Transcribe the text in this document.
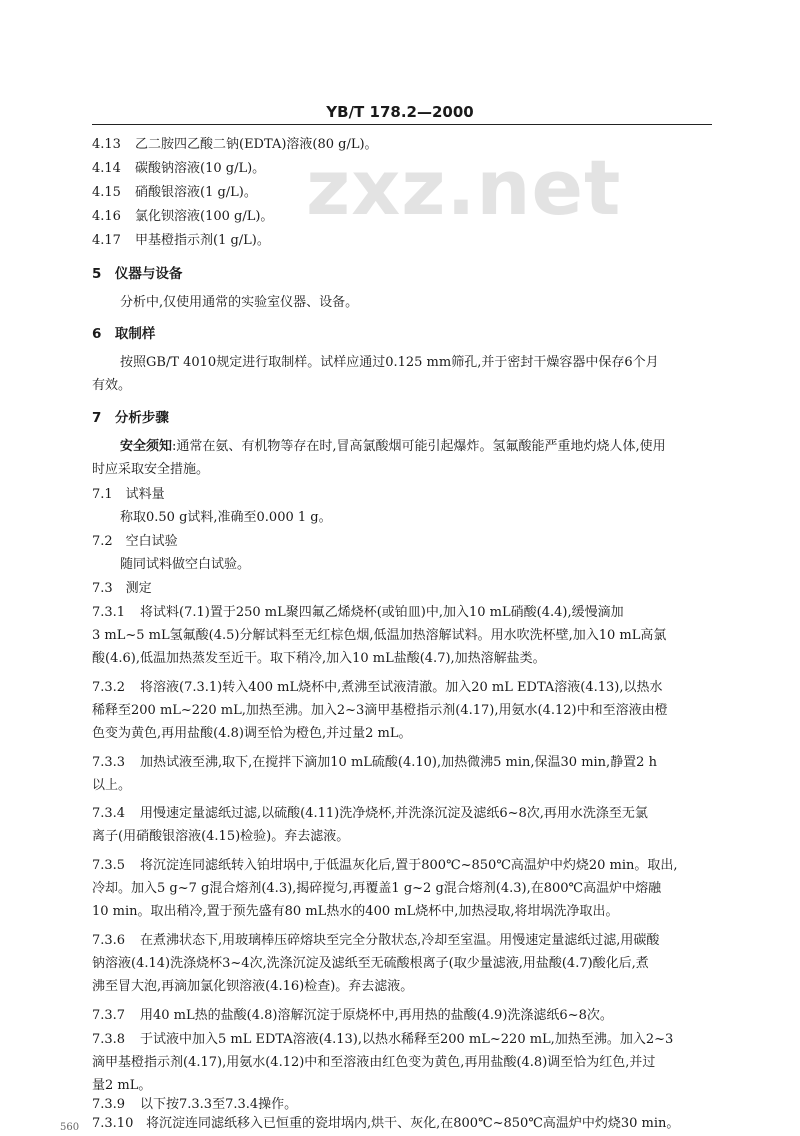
YB/T 178.2—2000
zxz.net
4.13 乙二胺四乙酸二钠(EDTA)溶液(80 g/L)。
4.14 碳酸钠溶液(10 g/L)。
4.15 硝酸银溶液(1 g/L)。
4.16 氯化钡溶液(100 g/L)。
4.17 甲基橙指示剂(1 g/L)。
5　仪器与设备
分析中,仅使用通常的实验室仪器、设备。
6　取制样
按照GB/T 4010规定进行取制样。试样应通过0.125 mm筛孔,并于密封干燥容器中保存6个月
有效。
7　分析步骤
安全须知:通常在氨、有机物等存在时,冒高氯酸烟可能引起爆炸。氢氟酸能严重地灼烧人体,使用
时应采取安全措施。
7.1　试料量
称取0.50 g试料,准确至0.000 1 g。
7.2　空白试验
随同试料做空白试验。
7.3　测定
7.3.1 将试料(7.1)置于250 mL聚四氟乙烯烧杯(或铂皿)中,加入10 mL硝酸(4.4),缓慢滴加
3 mL~5 mL氢氟酸(4.5)分解试料至无红棕色烟,低温加热溶解试料。用水吹洗杯壁,加入10 mL高氯
酸(4.6),低温加热蒸发至近干。取下稍冷,加入10 mL盐酸(4.7),加热溶解盐类。
7.3.2 将溶液(7.3.1)转入400 mL烧杯中,煮沸至试液清澈。加入20 mL EDTA溶液(4.13),以热水
稀释至200 mL~220 mL,加热至沸。加入2~3滴甲基橙指示剂(4.17),用氨水(4.12)中和至溶液由橙
色变为黄色,再用盐酸(4.8)调至恰为橙色,并过量2 mL。
7.3.3 加热试液至沸,取下,在搅拌下滴加10 mL硫酸(4.10),加热微沸5 min,保温30 min,静置2 h
以上。
7.3.4 用慢速定量滤纸过滤,以硫酸(4.11)洗净烧杯,并洗涤沉淀及滤纸6~8次,再用水洗涤至无氯
离子(用硝酸银溶液(4.15)检验)。弃去滤液。
7.3.5 将沉淀连同滤纸转入铂坩埚中,于低温灰化后,置于800℃~850℃高温炉中灼烧20 min。取出,
冷却。加入5 g~7 g混合熔剂(4.3),揭碎搅匀,再覆盖1 g~2 g混合熔剂(4.3),在800℃高温炉中熔融
10 min。取出稍冷,置于预先盛有80 mL热水的400 mL烧杯中,加热浸取,将坩埚洗净取出。
7.3.6 在煮沸状态下,用玻璃棒压碎熔块至完全分散状态,冷却至室温。用慢速定量滤纸过滤,用碳酸
钠溶液(4.14)洗涤烧杯3~4次,洗涤沉淀及滤纸至无硫酸根离子(取少量滤液,用盐酸(4.7)酸化后,煮
沸至冒大泡,再滴加氯化钡溶液(4.16)检查)。弃去滤液。
7.3.7 用40 mL热的盐酸(4.8)溶解沉淀于原烧杯中,再用热的盐酸(4.9)洗涤滤纸6~8次。
7.3.8 于试液中加入5 mL EDTA溶液(4.13),以热水稀释至200 mL~220 mL,加热至沸。加入2~3
滴甲基橙指示剂(4.17),用氨水(4.12)中和至溶液由红色变为黄色,再用盐酸(4.8)调至恰为红色,并过
量2 mL。
7.3.9 以下按7.3.3至7.3.4操作。
7.3.10 将沉淀连同滤纸移入已恒重的瓷坩埚内,烘干、灰化,在800℃~850℃高温炉中灼烧30 min。
560
